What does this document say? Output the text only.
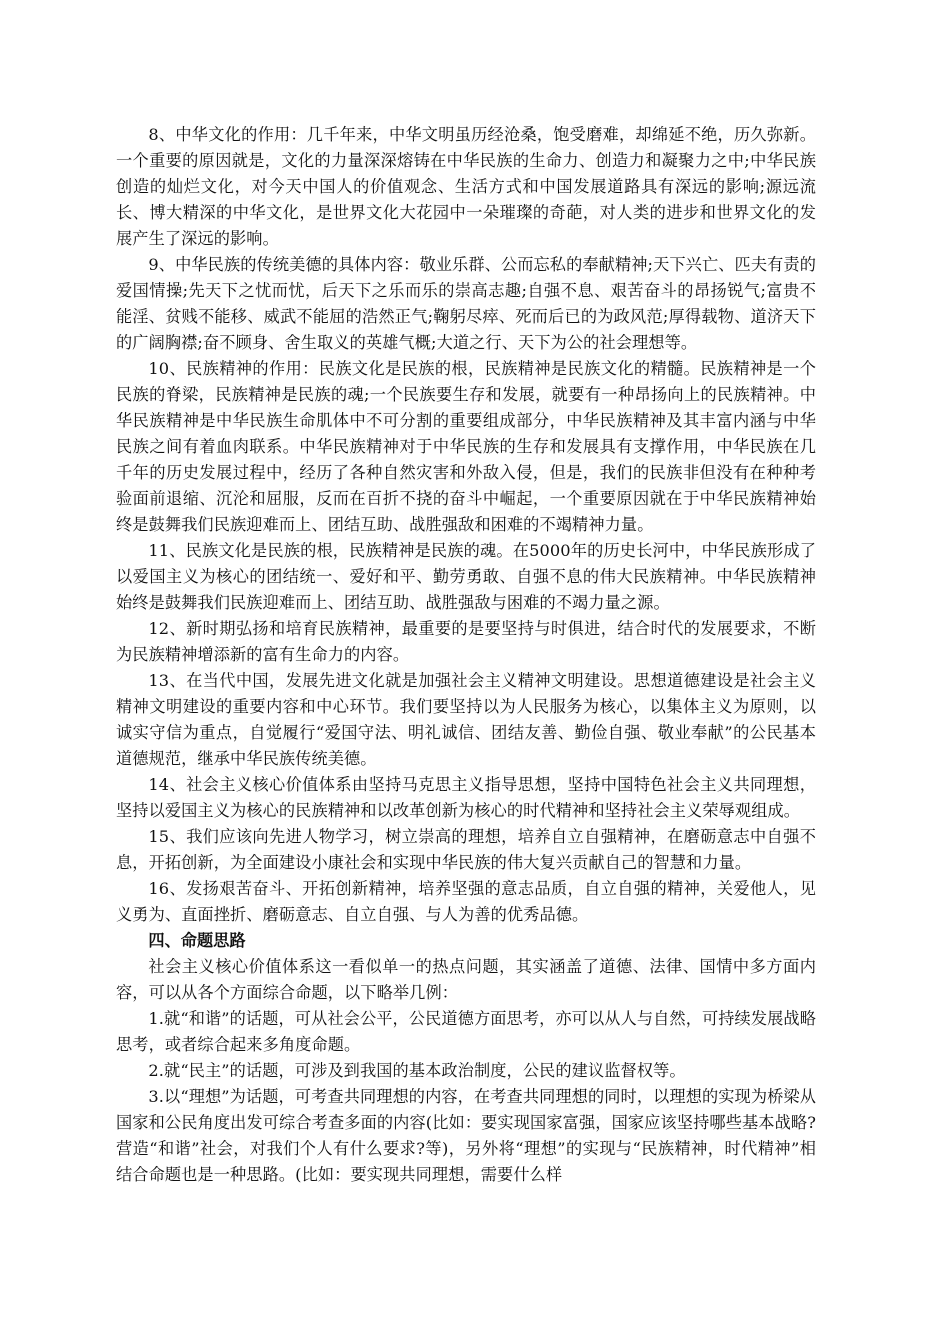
8、中华文化的作用：几千年来，中华文明虽历经沧桑，饱受磨难，却绵延不绝，历久弥新。一个重要的原因就是，文化的力量深深熔铸在中华民族的生命力、创造力和凝聚力之中;中华民族创造的灿烂文化，对今天中国人的价值观念、生活方式和中国发展道路具有深远的影响;源远流长、博大精深的中华文化，是世界文化大花园中一朵璀璨的奇葩，对人类的进步和世界文化的发展产生了深远的影响。

9、中华民族的传统美德的具体内容：敬业乐群、公而忘私的奉献精神;天下兴亡、匹夫有责的爱国情操;先天下之忧而忧，后天下之乐而乐的崇高志趣;自强不息、艰苦奋斗的昂扬锐气;富贵不能淫、贫贱不能移、威武不能屈的浩然正气;鞠躬尽瘁、死而后已的为政风范;厚得载物、道济天下的广阔胸襟;奋不顾身、舍生取义的英雄气概;大道之行、天下为公的社会理想等。

10、民族精神的作用：民族文化是民族的根，民族精神是民族文化的精髓。民族精神是一个民族的脊梁，民族精神是民族的魂;一个民族要生存和发展，就要有一种昂扬向上的民族精神。中华民族精神是中华民族生命肌体中不可分割的重要组成部分，中华民族精神及其丰富内涵与中华民族之间有着血肉联系。中华民族精神对于中华民族的生存和发展具有支撑作用，中华民族在几千年的历史发展过程中，经历了各种自然灾害和外敌入侵，但是，我们的民族非但没有在种种考验面前退缩、沉沦和屈服，反而在百折不挠的奋斗中崛起，一个重要原因就在于中华民族精神始终是鼓舞我们民族迎难而上、团结互助、战胜强敌和困难的不竭精神力量。

11、民族文化是民族的根，民族精神是民族的魂。在5000年的历史长河中，中华民族形成了以爱国主义为核心的团结统一、爱好和平、勤劳勇敢、自强不息的伟大民族精神。中华民族精神始终是鼓舞我们民族迎难而上、团结互助、战胜强敌与困难的不竭力量之源。

12、新时期弘扬和培育民族精神，最重要的是要坚持与时俱进，结合时代的发展要求，不断为民族精神增添新的富有生命力的内容。

13、在当代中国，发展先进文化就是加强社会主义精神文明建设。思想道德建设是社会主义精神文明建设的重要内容和中心环节。我们要坚持以为人民服务为核心，以集体主义为原则，以诚实守信为重点，自觉履行“爱国守法、明礼诚信、团结友善、勤俭自强、敬业奉献”的公民基本道德规范，继承中华民族传统美德。

14、社会主义核心价值体系由坚持马克思主义指导思想，坚持中国特色社会主义共同理想，坚持以爱国主义为核心的民族精神和以改革创新为核心的时代精神和坚持社会主义荣辱观组成。

15、我们应该向先进人物学习，树立崇高的理想，培养自立自强精神，在磨砺意志中自强不息，开拓创新，为全面建设小康社会和实现中华民族的伟大复兴贡献自己的智慧和力量。

16、发扬艰苦奋斗、开拓创新精神，培养坚强的意志品质，自立自强的精神，关爱他人，见义勇为、直面挫折、磨砺意志、自立自强、与人为善的优秀品德。

四、命题思路

社会主义核心价值体系这一看似单一的热点问题，其实涵盖了道德、法律、国情中多方面内容，可以从各个方面综合命题，以下略举几例：

1.就“和谐”的话题，可从社会公平，公民道德方面思考，亦可以从人与自然，可持续发展战略思考，或者综合起来多角度命题。

2.就“民主”的话题，可涉及到我国的基本政治制度，公民的建议监督权等。

3.以“理想”为话题，可考查共同理想的内容，在考查共同理想的同时，以理想的实现为桥梁从国家和公民角度出发可综合考查多面的内容(比如：要实现国家富强，国家应该坚持哪些基本战略?营造“和谐”社会，对我们个人有什么要求?等)，另外将“理想”的实现与“民族精神，时代精神”相结合命题也是一种思路。(比如：要实现共同理想，需要什么样
